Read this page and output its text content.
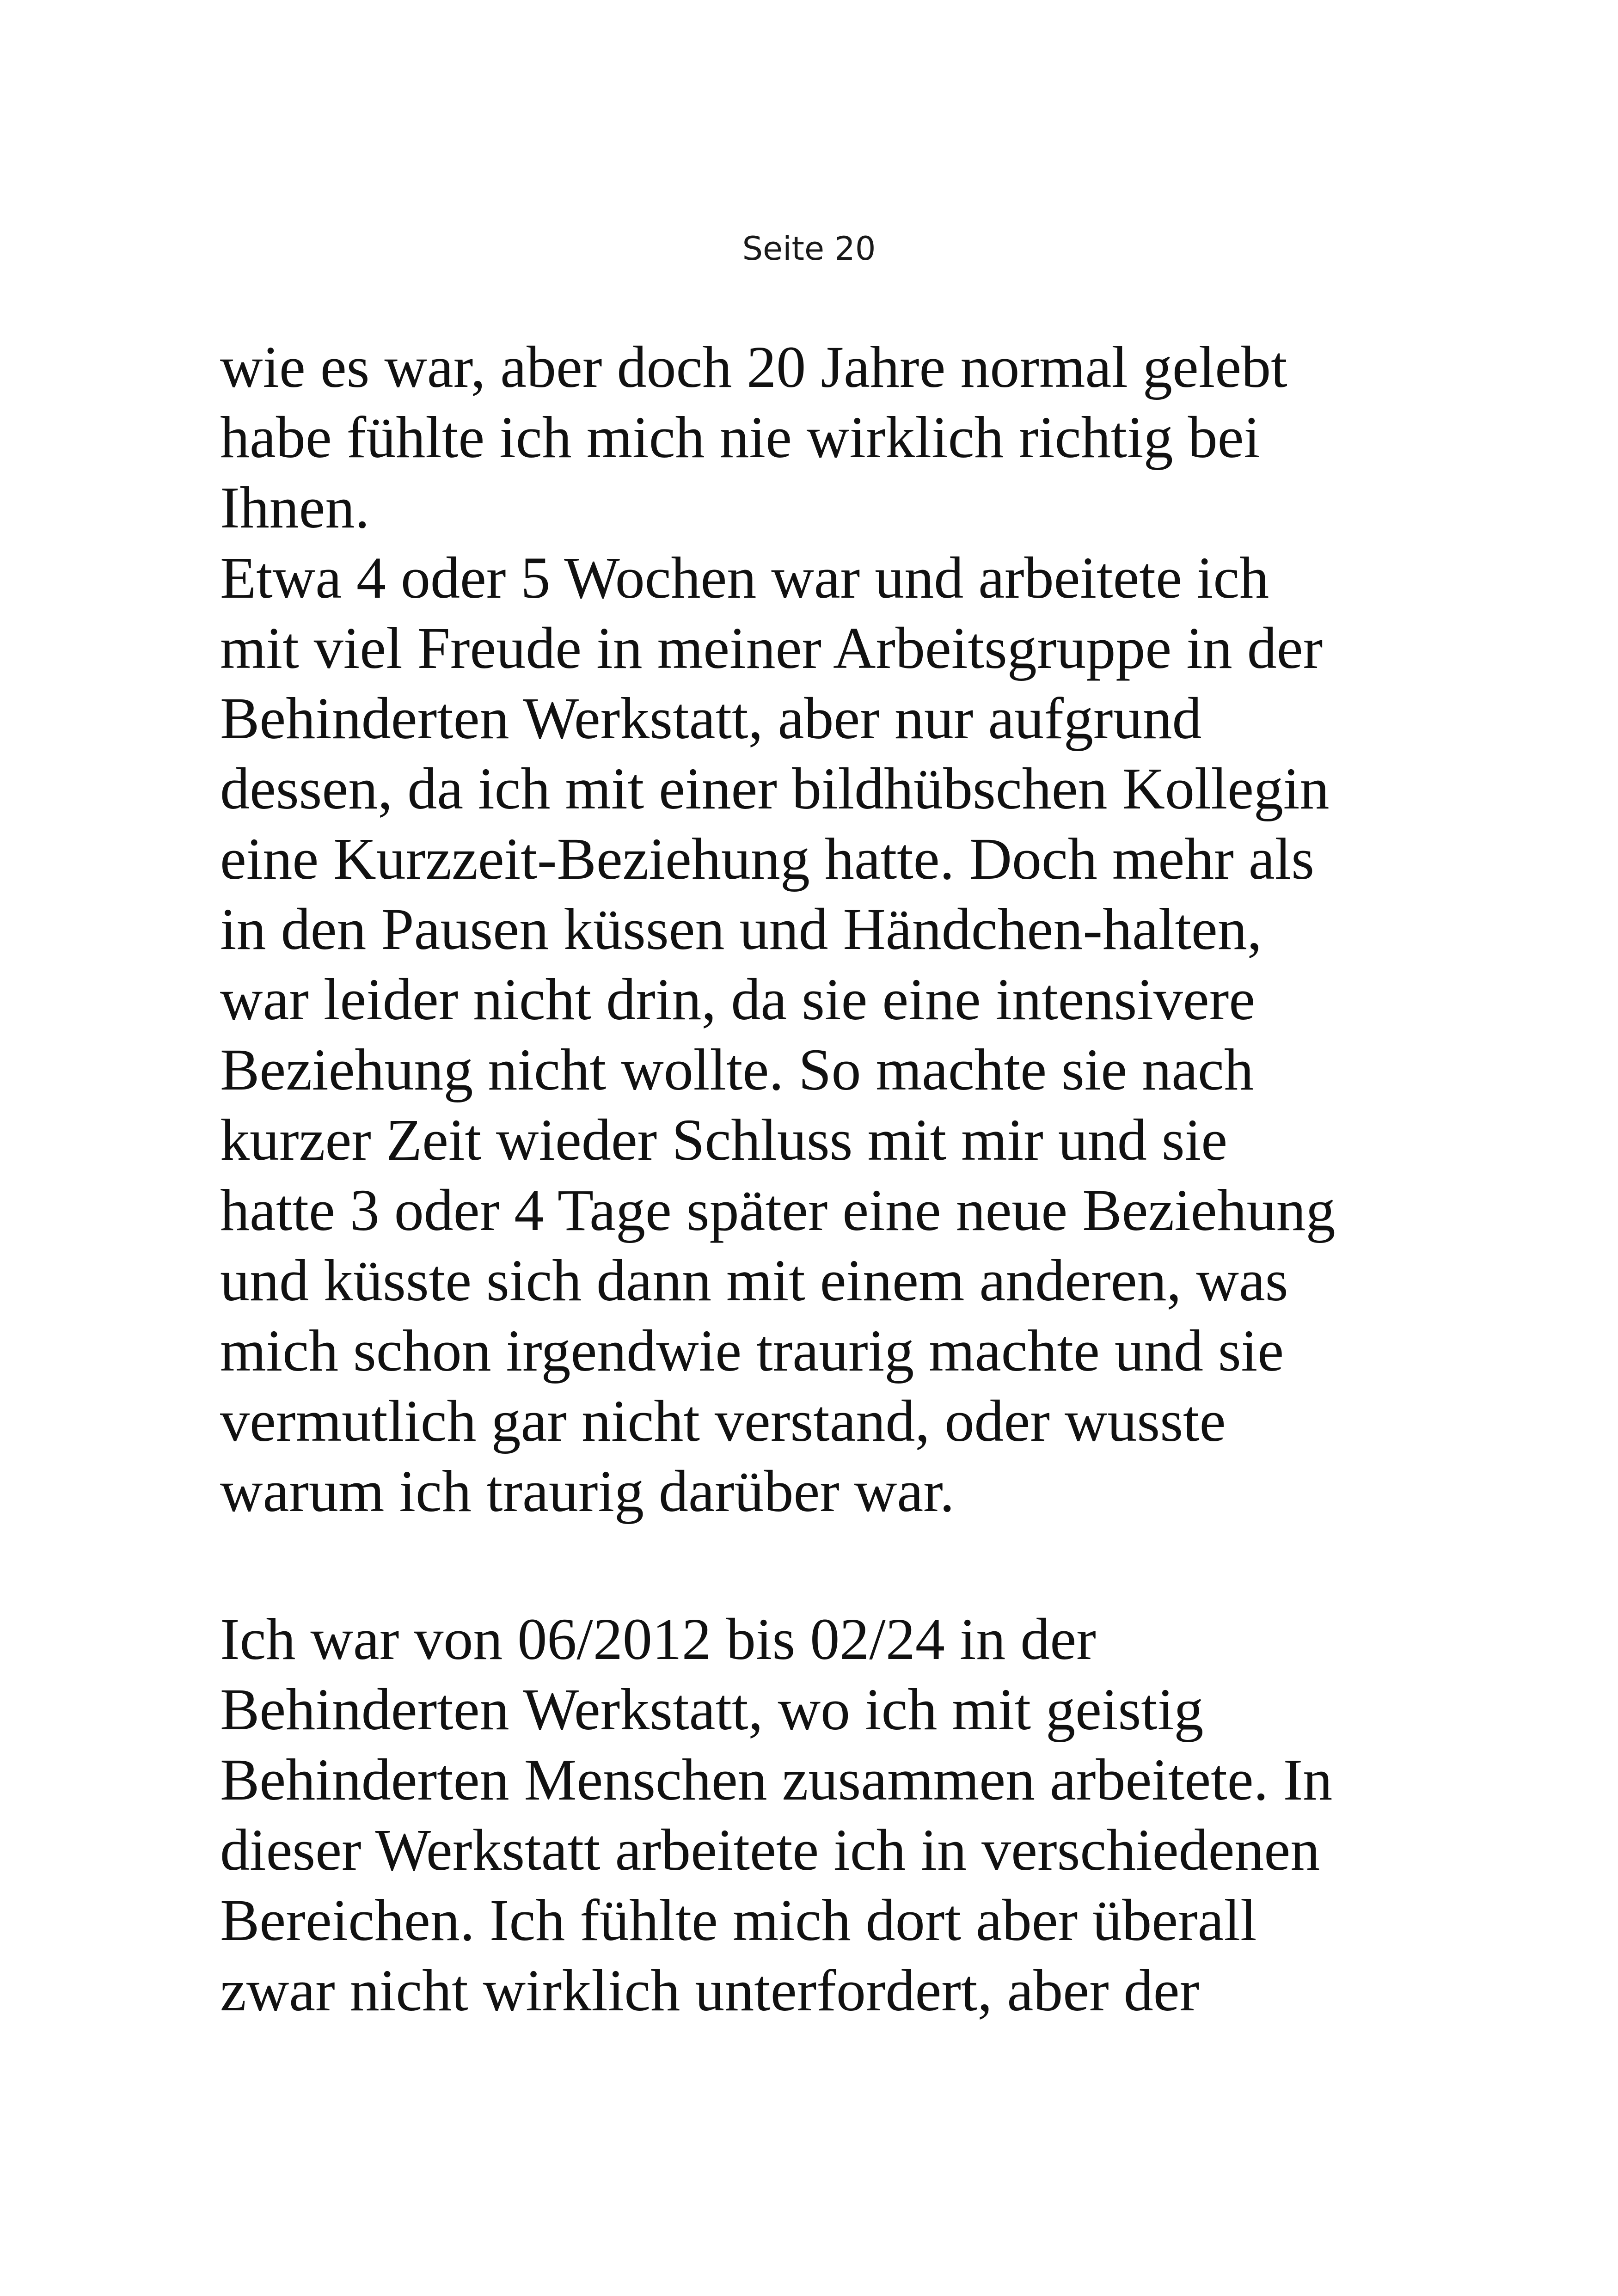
Seite 20
wie es war, aber doch 20 Jahre normal gelebt
habe fühlte ich mich nie wirklich richtig bei
Ihnen.
Etwa 4 oder 5 Wochen war und arbeitete ich
mit viel Freude in meiner Arbeitsgruppe in der
Behinderten Werkstatt, aber nur aufgrund
dessen, da ich mit einer bildhübschen Kollegin
eine Kurzzeit-Beziehung hatte. Doch mehr als
in den Pausen küssen und Händchen-halten,
war leider nicht drin, da sie eine intensivere
Beziehung nicht wollte. So machte sie nach
kurzer Zeit wieder Schluss mit mir und sie
hatte 3 oder 4 Tage später eine neue Beziehung
und küsste sich dann mit einem anderen, was
mich schon irgendwie traurig machte und sie
vermutlich gar nicht verstand, oder wusste
warum ich traurig darüber war.
Ich war von 06/2012 bis 02/24 in der
Behinderten Werkstatt, wo ich mit geistig
Behinderten Menschen zusammen arbeitete. In
dieser Werkstatt arbeitete ich in verschiedenen
Bereichen. Ich fühlte mich dort aber überall
zwar nicht wirklich unterfordert, aber der
